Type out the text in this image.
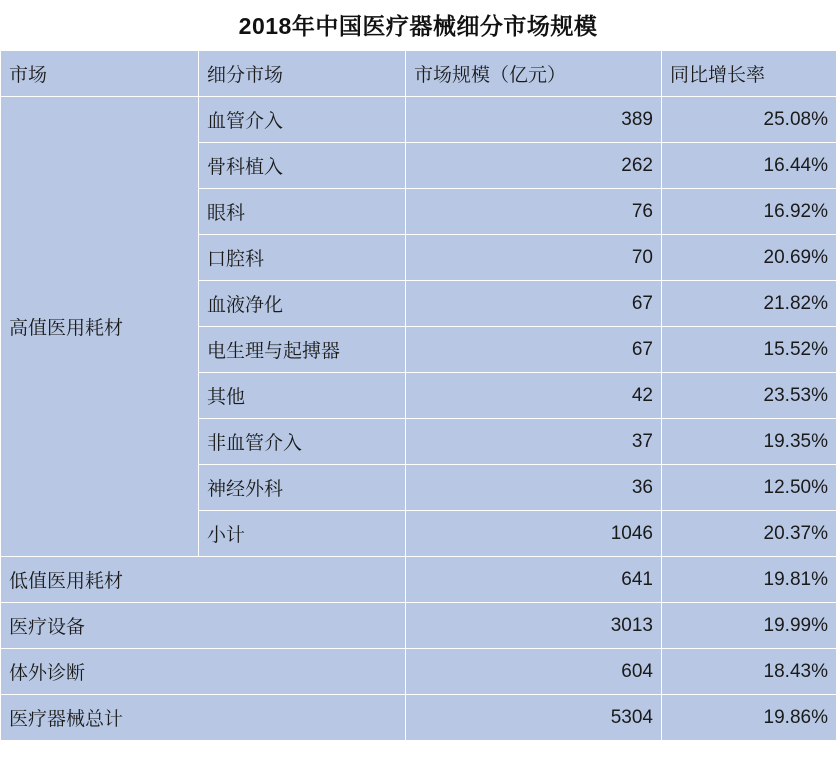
2018年中国医疗器械细分市场规模
市场	细分市场	市场规模（亿元）	同比增长率
高值医用耗材	血管介入	389	25.08%
	骨科植入	262	16.44%
	眼科	76	16.92%
	口腔科	70	20.69%
	血液净化	67	21.82%
	电生理与起搏器	67	15.52%
	其他	42	23.53%
	非血管介入	37	19.35%
	神经外科	36	12.50%
	小计	1046	20.37%
低值医用耗材		641	19.81%
医疗设备		3013	19.99%
体外诊断		604	18.43%
医疗器械总计		5304	19.86%
